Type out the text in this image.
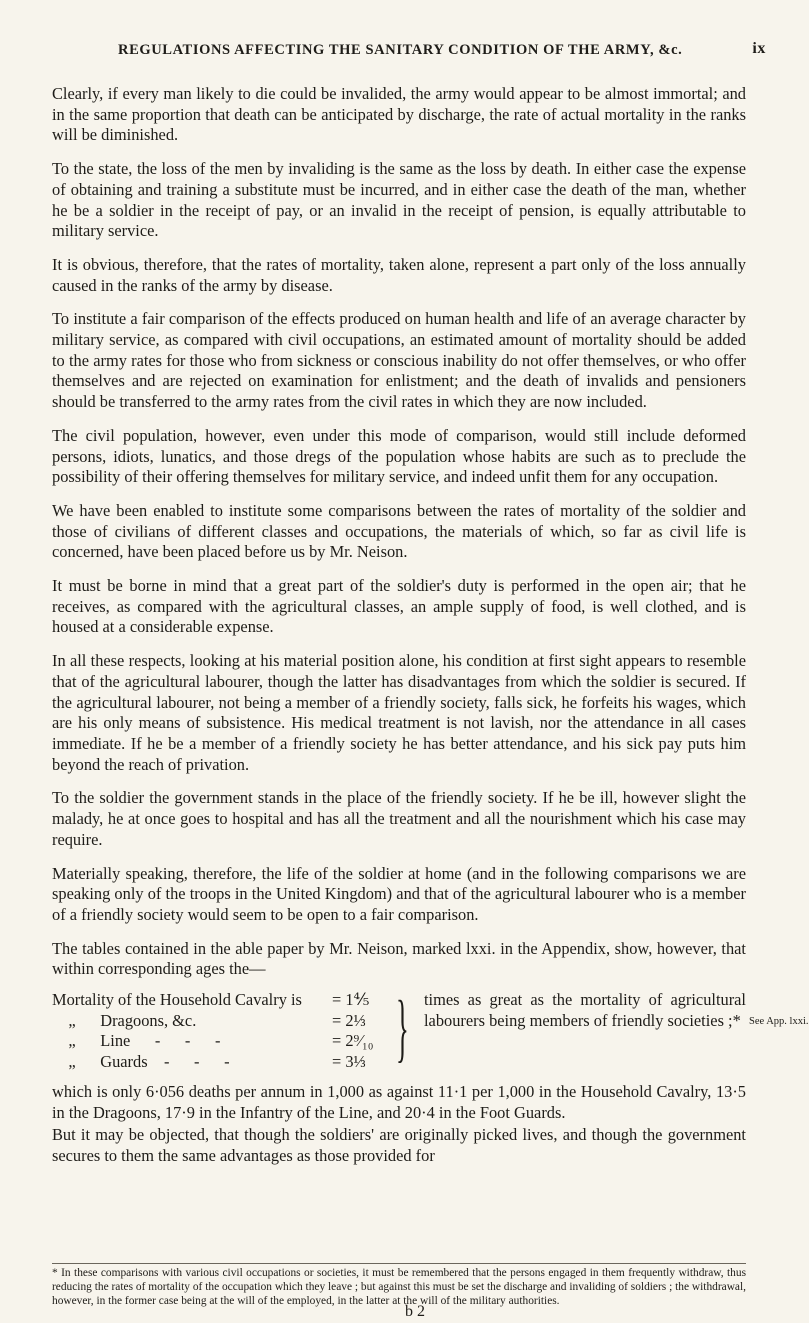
REGULATIONS AFFECTING THE SANITARY CONDITION OF THE ARMY, &c.	ix

Clearly, if every man likely to die could be invalided, the army would appear to be almost immortal; and in the same proportion that death can be anticipated by discharge, the rate of actual mortality in the ranks will be diminished.

To the state, the loss of the men by invaliding is the same as the loss by death. In either case the expense of obtaining and training a substitute must be incurred, and in either case the death of the man, whether he be a soldier in the receipt of pay, or an invalid in the receipt of pension, is equally attributable to military service.

It is obvious, therefore, that the rates of mortality, taken alone, represent a part only of the loss annually caused in the ranks of the army by disease.

To institute a fair comparison of the effects produced on human health and life of an average character by military service, as compared with civil occupations, an estimated amount of mortality should be added to the army rates for those who from sickness or conscious inability do not offer themselves, or who offer themselves and are rejected on examination for enlistment; and the death of invalids and pensioners should be transferred to the army rates from the civil rates in which they are now included.

The civil population, however, even under this mode of comparison, would still include deformed persons, idiots, lunatics, and those dregs of the population whose habits are such as to preclude the possibility of their offering themselves for military service, and indeed unfit them for any occupation.

We have been enabled to institute some comparisons between the rates of mortality of the soldier and those of civilians of different classes and occupations, the materials of which, so far as civil life is concerned, have been placed before us by Mr. Neison.

It must be borne in mind that a great part of the soldier's duty is performed in the open air; that he receives, as compared with the agricultural classes, an ample supply of food, is well clothed, and is housed at a considerable expense.

In all these respects, looking at his material position alone, his condition at first sight appears to resemble that of the agricultural labourer, though the latter has disadvantages from which the soldier is secured. If the agricultural labourer, not being a member of a friendly society, falls sick, he forfeits his wages, which are his only means of subsistence. His medical treatment is not lavish, nor the attendance in all cases immediate. If he be a member of a friendly society he has better attendance, and his sick pay puts him beyond the reach of privation.

To the soldier the government stands in the place of the friendly society. If he be ill, however slight the malady, he at once goes to hospital and has all the treatment and all the nourishment which his case may require.

Materially speaking, therefore, the life of the soldier at home (and in the following comparisons we are speaking only of the troops in the United Kingdom) and that of the agricultural labourer who is a member of a friendly society would seem to be open to a fair comparison.

The tables contained in the able paper by Mr. Neison, marked lxxi. in the Appendix, show, however, that within corresponding ages the—

Mortality of the Household Cavalry is	= 1⅘
„      Dragoons, &c.	= 2⅓
„      Line      -      -      -	= 2⁹⁄₁₀
„      Guards    -      -      -	= 3⅓ } times as great as the mortality of agricultural labourers being members of friendly societies ;*

which is only 6·056 deaths per annum in 1,000 as against 11·1 per 1,000 in the Household Cavalry, 13·5 in the Dragoons, 17·9 in the Infantry of the Line, and 20·4 in the Foot Guards.

But it may be objected, that though the soldiers' are originally picked lives, and though the government secures to them the same advantages as those provided for

* In these comparisons with various civil occupations or societies, it must be remembered that the persons engaged in them frequently withdraw, thus reducing the rates of mortality of the occupation which they leave ; but against this must be set the discharge and invaliding of soldiers ; the withdrawal, however, in the former case being at the will of the employed, in the latter at the will of the military authorities.
b 2
See App. lxxi.
